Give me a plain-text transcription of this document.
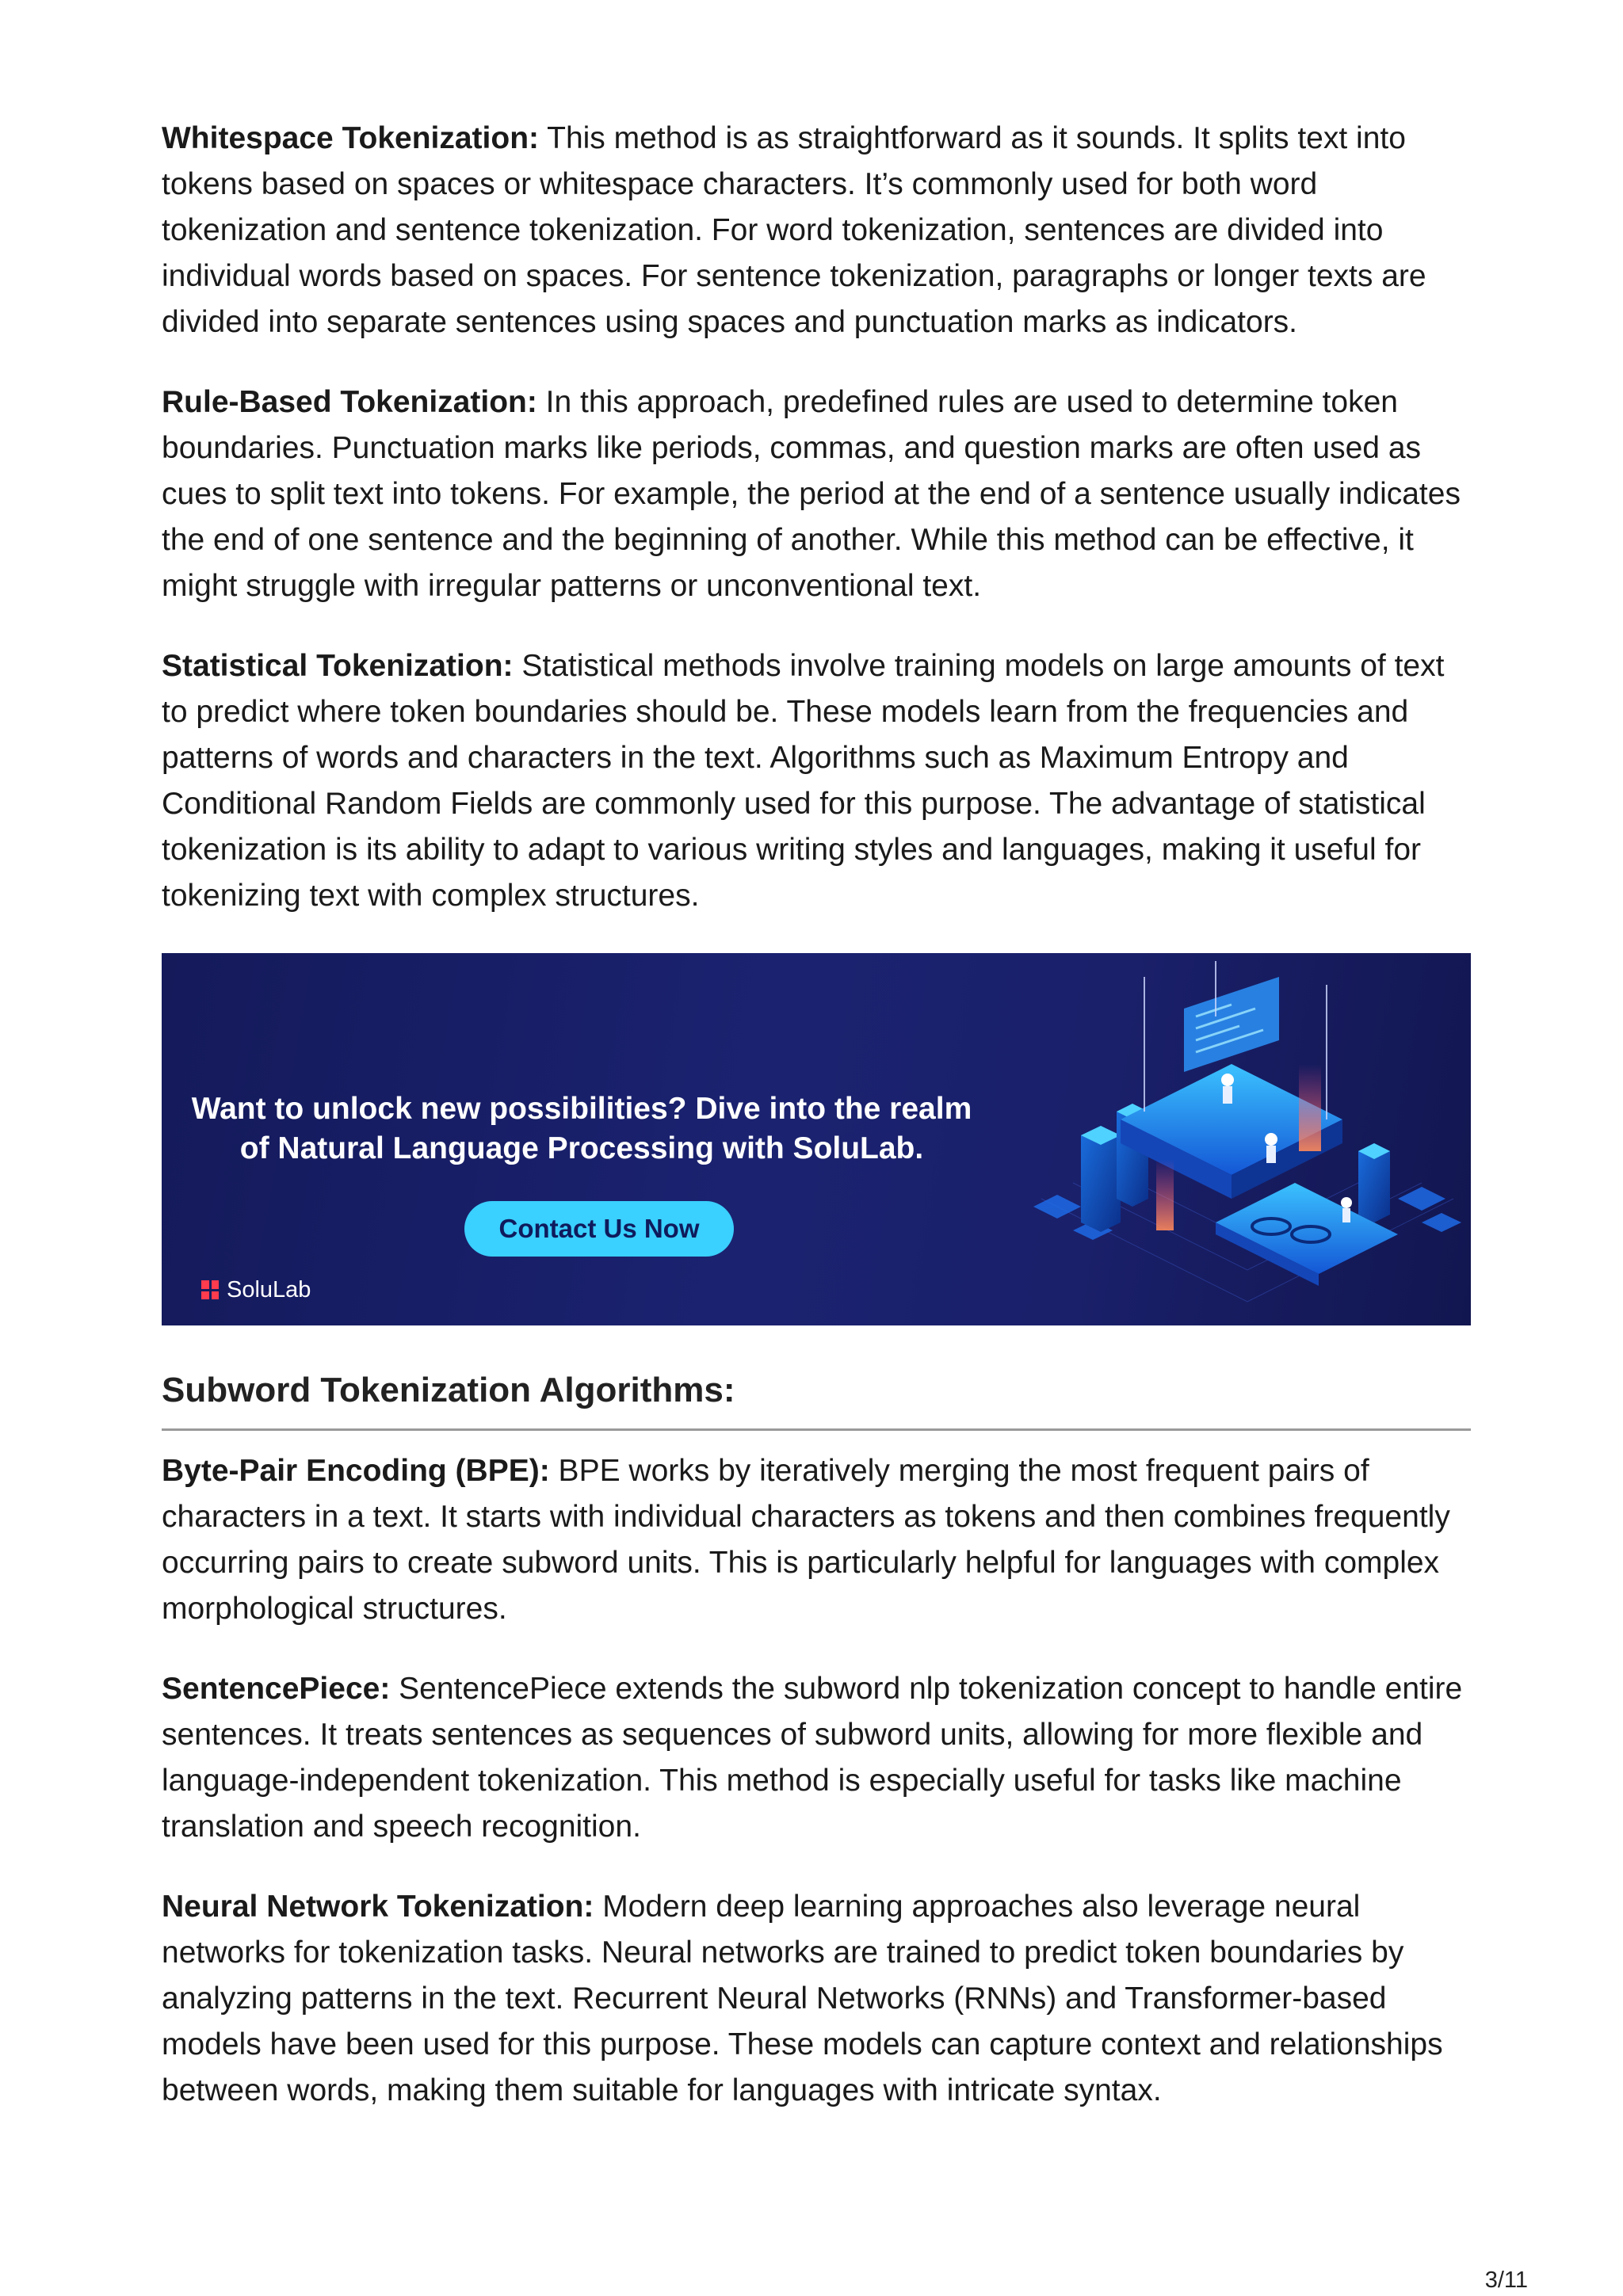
Whitespace Tokenization: This method is as straightforward as it sounds. It splits text into tokens based on spaces or whitespace characters. It’s commonly used for both word tokenization and sentence tokenization. For word tokenization, sentences are divided into individual words based on spaces. For sentence tokenization, paragraphs or longer texts are divided into separate sentences using spaces and punctuation marks as indicators.

Rule-Based Tokenization: In this approach, predefined rules are used to determine token boundaries. Punctuation marks like periods, commas, and question marks are often used as cues to split text into tokens. For example, the period at the end of a sentence usually indicates the end of one sentence and the beginning of another. While this method can be effective, it might struggle with irregular patterns or unconventional text.

Statistical Tokenization: Statistical methods involve training models on large amounts of text to predict where token boundaries should be. These models learn from the frequencies and patterns of words and characters in the text. Algorithms such as Maximum Entropy and Conditional Random Fields are commonly used for this purpose. The advantage of statistical tokenization is its ability to adapt to various writing styles and languages, making it useful for tokenizing text with complex structures.

Want to unlock new possibilities? Dive into the realm
of Natural Language Processing with SoluLab.

Contact Us Now
SoluLab
Subword Tokenization Algorithms:

Byte-Pair Encoding (BPE): BPE works by iteratively merging the most frequent pairs of characters in a text. It starts with individual characters as tokens and then combines frequently occurring pairs to create subword units. This is particularly helpful for languages with complex morphological structures.

SentencePiece: SentencePiece extends the subword nlp tokenization concept to handle entire sentences. It treats sentences as sequences of subword units, allowing for more flexible and language-independent tokenization. This method is especially useful for tasks like machine translation and speech recognition.

Neural Network Tokenization: Modern deep learning approaches also leverage neural networks for tokenization tasks. Neural networks are trained to predict token boundaries by analyzing patterns in the text. Recurrent Neural Networks (RNNs) and Transformer-based models have been used for this purpose. These models can capture context and relationships between words, making them suitable for languages with intricate syntax.

3/11
